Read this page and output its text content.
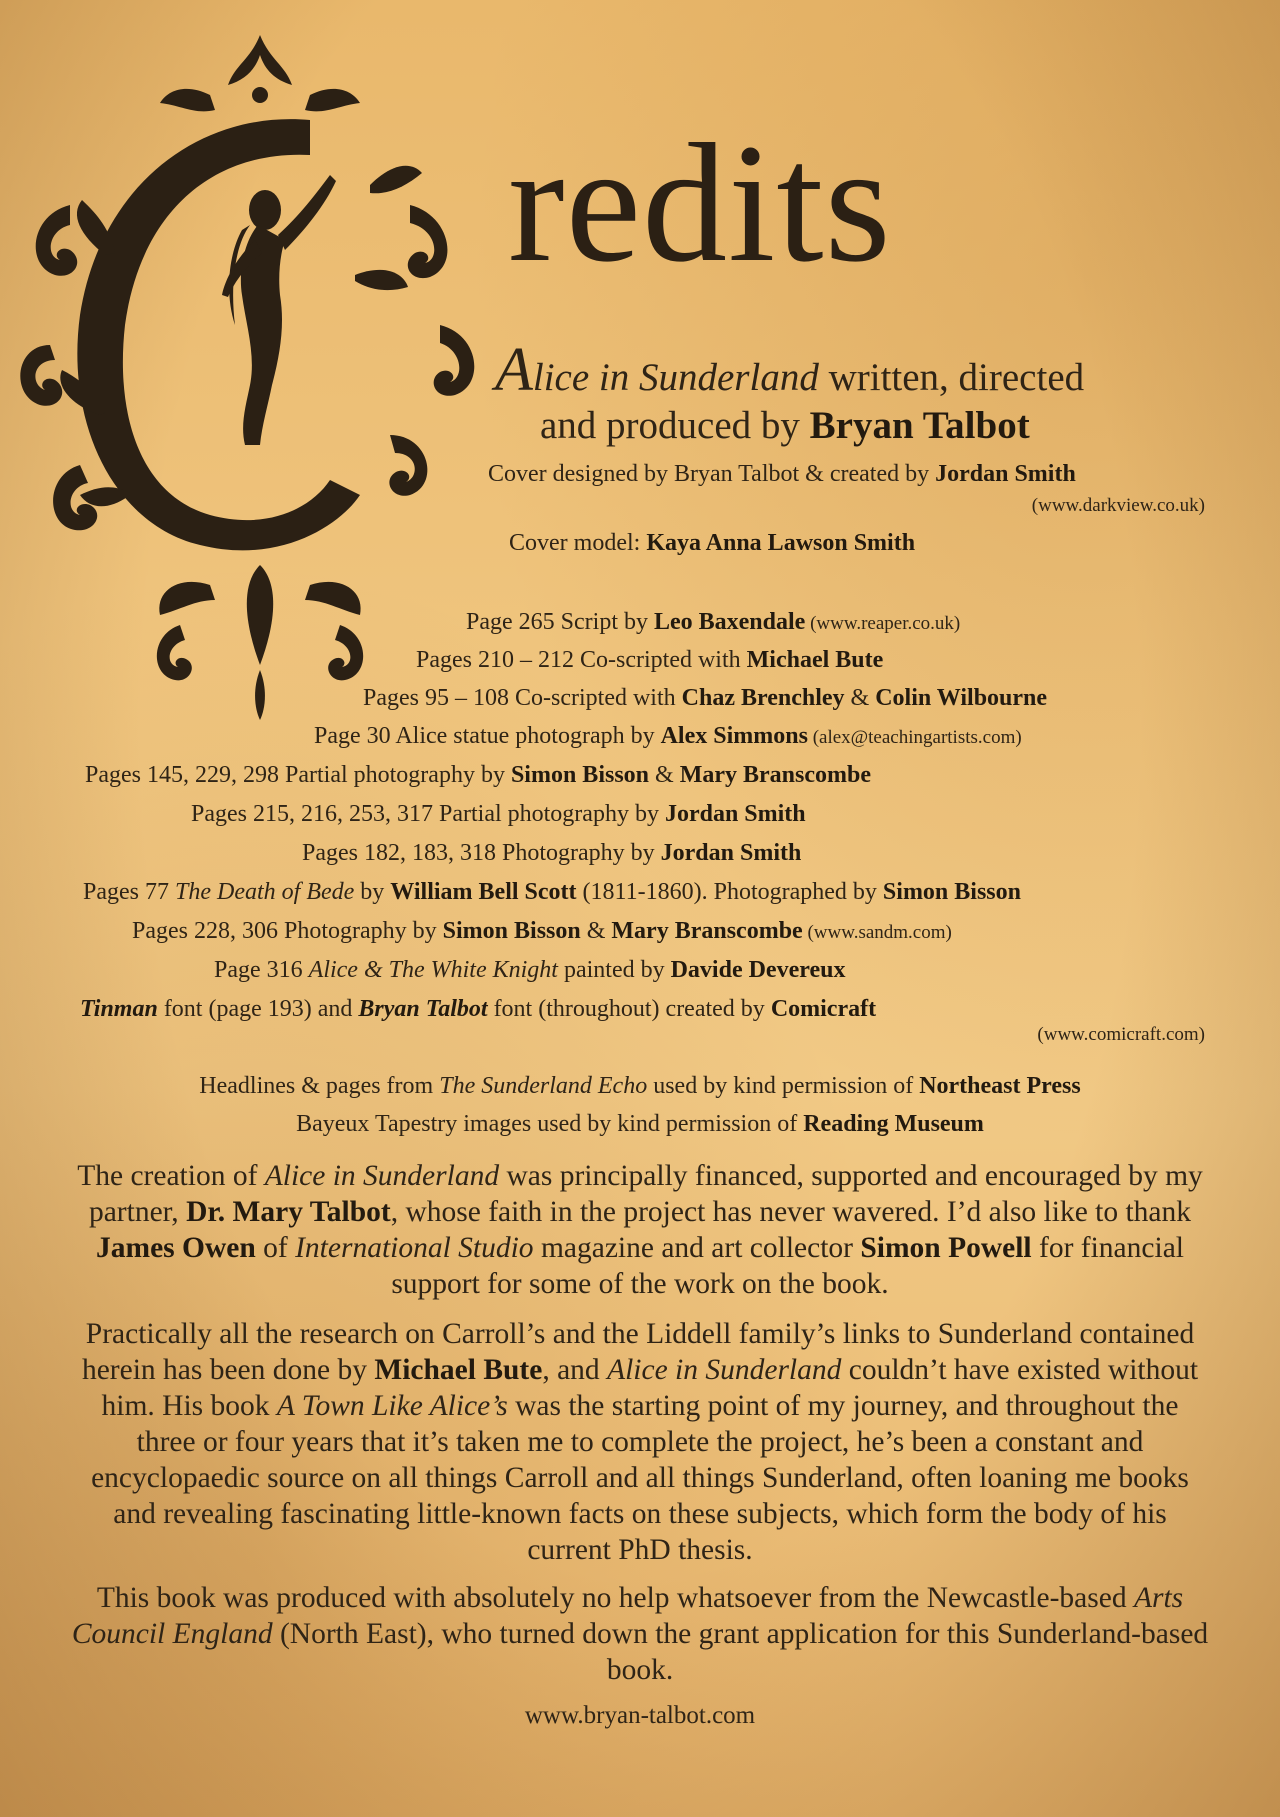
redits
Alice in Sunderland written, directed
and produced by Bryan Talbot
Cover designed by Bryan Talbot & created by Jordan Smith
(www.darkview.co.uk)
Cover model: Kaya Anna Lawson Smith
Page 265 Script by Leo Baxendale (www.reaper.co.uk)
Pages 210 – 212 Co-scripted with Michael Bute
Pages 95 – 108 Co-scripted with Chaz Brenchley & Colin Wilbourne
Page 30 Alice statue photograph by Alex Simmons (alex@teachingartists.com)
Pages 145, 229, 298 Partial photography by Simon Bisson & Mary Branscombe
Pages 215, 216, 253, 317 Partial photography by Jordan Smith
Pages 182, 183, 318 Photography by Jordan Smith
Pages 77 The Death of Bede by William Bell Scott (1811-1860). Photographed by Simon Bisson
Pages 228, 306 Photography by Simon Bisson & Mary Branscombe (www.sandm.com)
Page 316 Alice & The White Knight painted by Davide Devereux
Tinman font (page 193) and Bryan Talbot font (throughout) created by Comicraft
(www.comicraft.com)
Headlines & pages from The Sunderland Echo used by kind permission of Northeast Press
Bayeux Tapestry images used by kind permission of Reading Museum
The creation of Alice in Sunderland was principally financed, supported and encouraged by my partner, Dr. Mary Talbot, whose faith in the project has never wavered. I’d also like to thank James Owen of International Studio magazine and art collector Simon Powell for financial support for some of the work on the book.
Practically all the research on Carroll’s and the Liddell family’s links to Sunderland contained herein has been done by Michael Bute, and Alice in Sunderland couldn’t have existed without him. His book A Town Like Alice’s was the starting point of my journey, and throughout the three or four years that it’s taken me to complete the project, he’s been a constant and encyclopaedic source on all things Carroll and all things Sunderland, often loaning me books and revealing fascinating little-known facts on these subjects, which form the body of his current PhD thesis.
This book was produced with absolutely no help whatsoever from the Newcastle-based Arts Council England (North East), who turned down the grant application for this Sunderland-based book.
www.bryan-talbot.com
